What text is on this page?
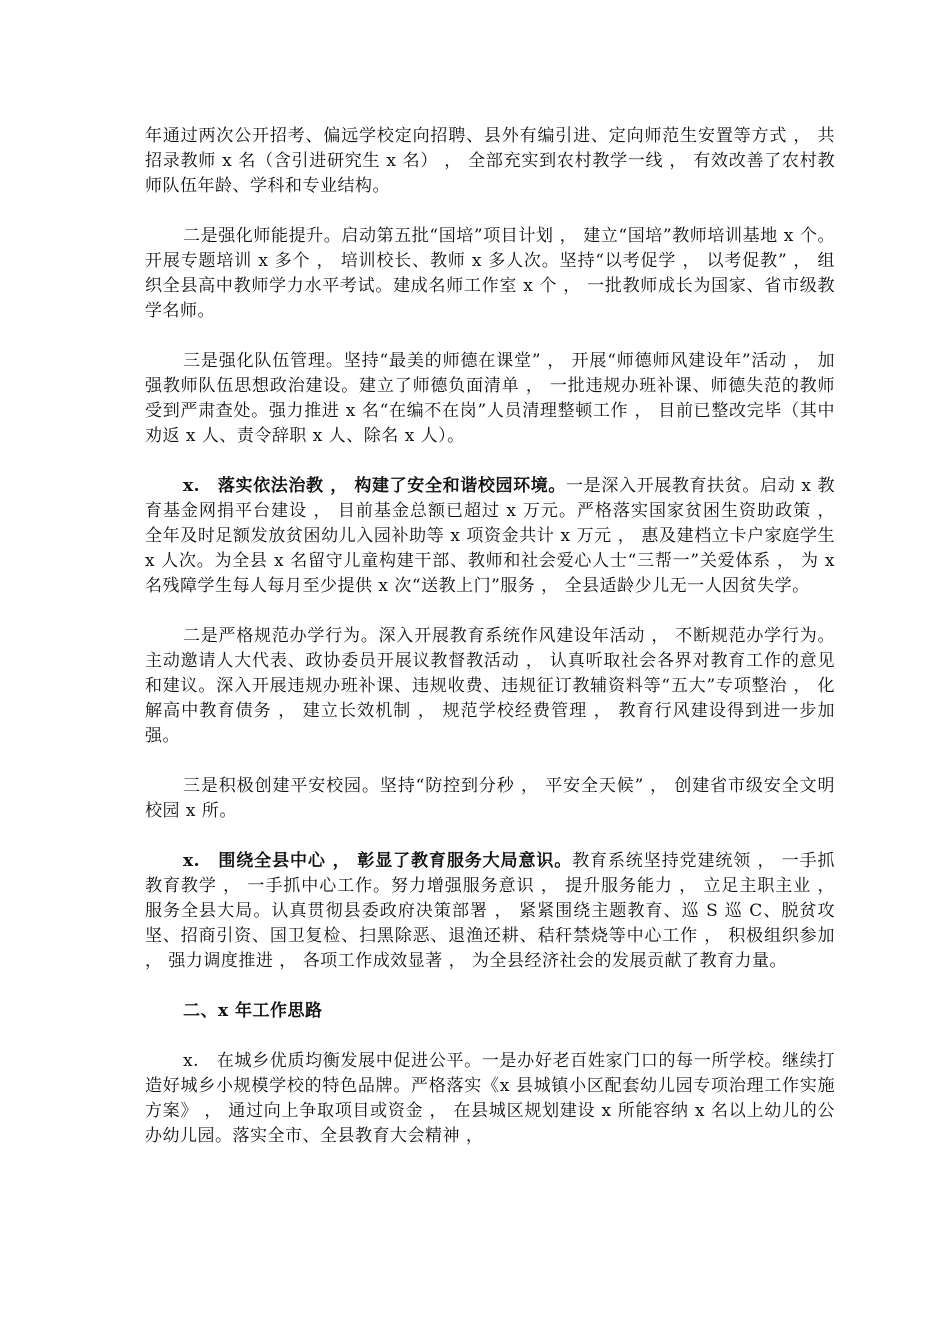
年通过两次公开招考、偏远学校定向招聘、县外有编引进、定向师范生安置等方式 ， 共招录教师 x 名（含引进研究生 x 名） ， 全部充实到农村教学一线 ， 有效改善了农村教师队伍年龄、学科和专业结构。

二是强化师能提升。启动第五批“国培”项目计划 ， 建立“国培”教师培训基地 x 个。开展专题培训 x 多个 ， 培训校长、教师 x 多人次。坚持“以考促学 ， 以考促教” ， 组织全县高中教师学力水平考试。建成名师工作室 x 个 ， 一批教师成长为国家、省市级教学名师。

三是强化队伍管理。坚持“最美的师德在课堂” ， 开展“师德师风建设年”活动 ， 加强教师队伍思想政治建设。建立了师德负面清单 ， 一批违规办班补课、师德失范的教师受到严肃查处。强力推进 x 名“在编不在岗”人员清理整顿工作 ， 目前已整改完毕（其中劝返 x 人、责令辞职 x 人、除名 x 人）。

x.　落实依法治教 ， 构建了安全和谐校园环境。一是深入开展教育扶贫。启动 x 教育基金网捐平台建设 ， 目前基金总额已超过 x 万元。严格落实国家贫困生资助政策 ， 全年及时足额发放贫困幼儿入园补助等 x 项资金共计 x 万元 ， 惠及建档立卡户家庭学生 x 人次。为全县 x 名留守儿童构建干部、教师和社会爱心人士“三帮一”关爱体系 ， 为 x 名残障学生每人每月至少提供 x 次“送教上门”服务 ， 全县适龄少儿无一人因贫失学。

二是严格规范办学行为。深入开展教育系统作风建设年活动 ， 不断规范办学行为。主动邀请人大代表、政协委员开展议教督教活动 ， 认真听取社会各界对教育工作的意见和建议。深入开展违规办班补课、违规收费、违规征订教辅资料等“五大”专项整治 ， 化解高中教育债务 ， 建立长效机制 ， 规范学校经费管理 ， 教育行风建设得到进一步加强。

三是积极创建平安校园。坚持“防控到分秒 ， 平安全天候” ， 创建省市级安全文明校园 x 所。

x.　围绕全县中心 ， 彰显了教育服务大局意识。教育系统坚持党建统领 ， 一手抓教育教学 ， 一手抓中心工作。努力增强服务意识 ， 提升服务能力 ， 立足主职主业 ， 服务全县大局。认真贯彻县委政府决策部署 ， 紧紧围绕主题教育、巡 S 巡 C、脱贫攻坚、招商引资、国卫复检、扫黑除恶、退渔还耕、秸秆禁烧等中心工作 ， 积极组织参加 ， 强力调度推进 ， 各项工作成效显著 ， 为全县经济社会的发展贡献了教育力量。

二、x 年工作思路

x.　在城乡优质均衡发展中促进公平。一是办好老百姓家门口的每一所学校。继续打造好城乡小规模学校的特色品牌。严格落实《x 县城镇小区配套幼儿园专项治理工作实施方案》 ， 通过向上争取项目或资金 ， 在县城区规划建设 x 所能容纳 x 名以上幼儿的公办幼儿园。落实全市、全县教育大会精神 ，
